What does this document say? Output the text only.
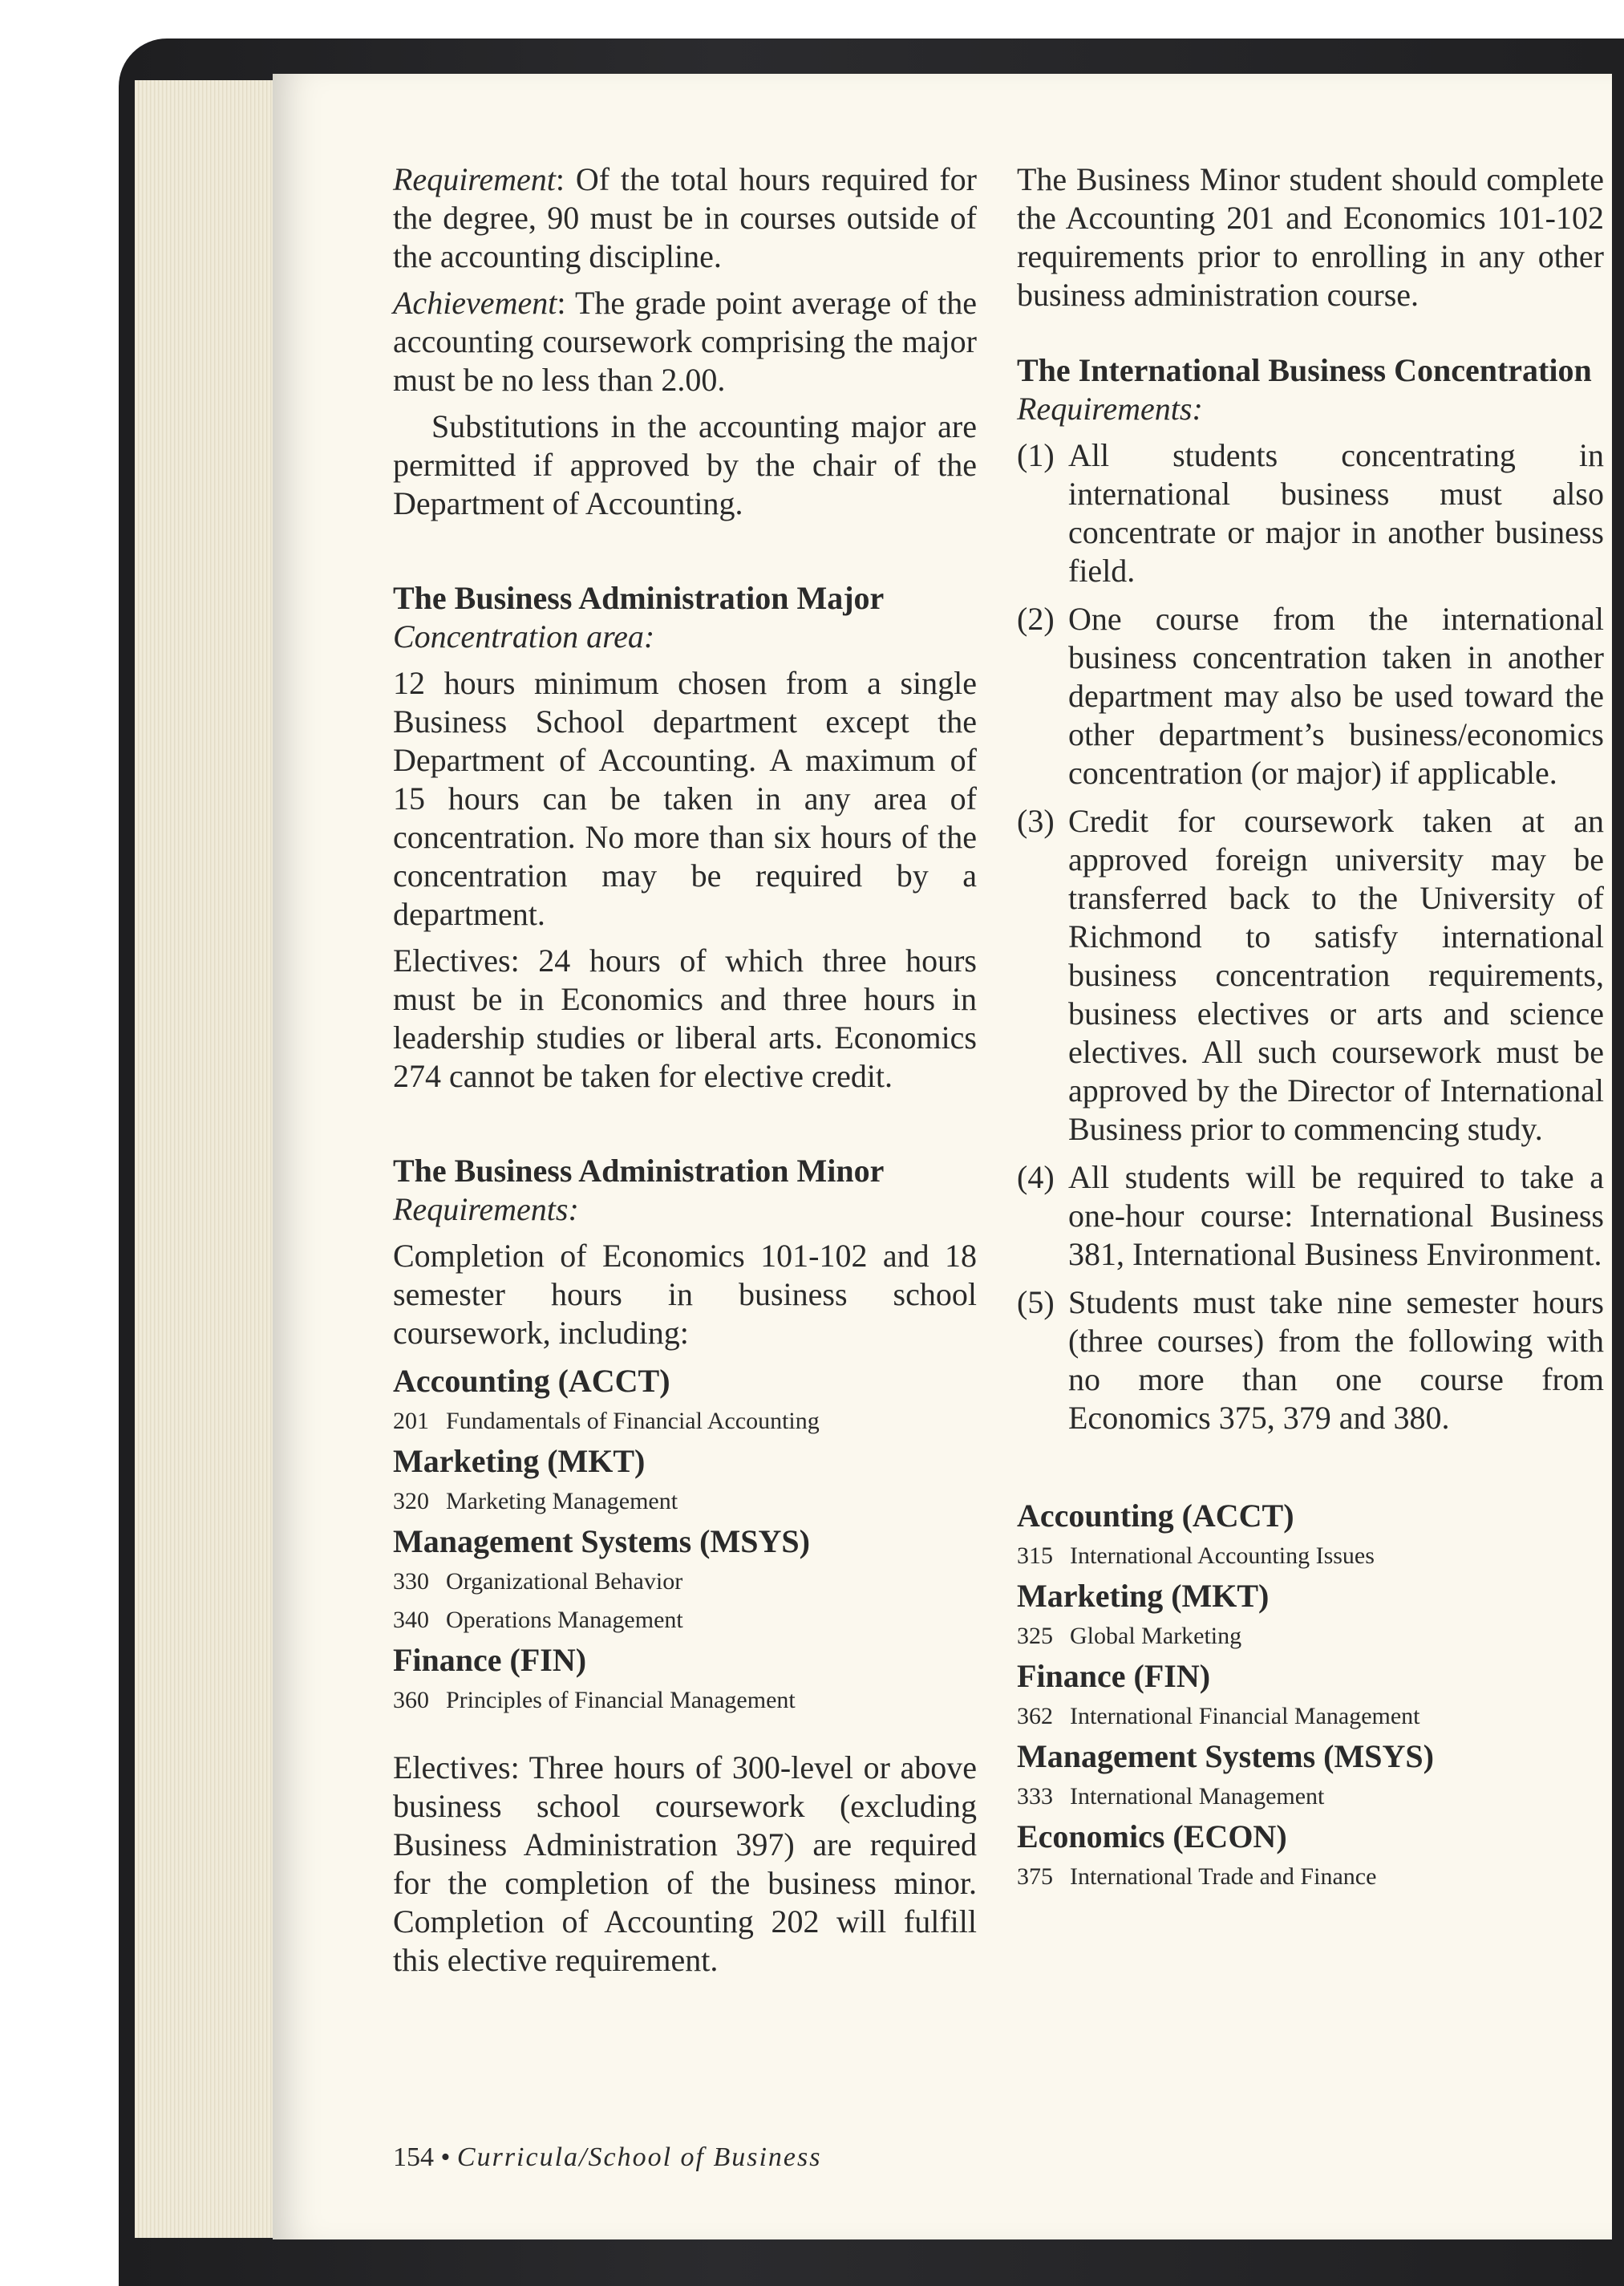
Requirement: Of the total hours required for the degree, 90 must be in courses outside of the accounting discipline.

Achievement: The grade point average of the accounting coursework comprising the major must be no less than 2.00.

Substitutions in the accounting major are permitted if approved by the chair of the Department of Accounting.

The Business Administration Major
Concentration area:

12 hours minimum chosen from a single Business School department except the Department of Accounting. A maximum of 15 hours can be taken in any area of concentration. No more than six hours of the concentration may be required by a department.

Electives: 24 hours of which three hours must be in Economics and three hours in leadership studies or liberal arts. Economics 274 cannot be taken for elective credit.

The Business Administration Minor
Requirements:

Completion of Economics 101-102 and 18 semester hours in business school coursework, including:

Accounting (ACCT)
201 Fundamentals of Financial Accounting
Marketing (MKT)
320 Marketing Management
Management Systems (MSYS)
330 Organizational Behavior
340 Operations Management
Finance (FIN)
360 Principles of Financial Management

Electives: Three hours of 300-level or above business school coursework (excluding Business Administration 397) are required for the completion of the business minor. Completion of Accounting 202 will fulfill this elective requirement.

The Business Minor student should complete the Accounting 201 and Economics 101-102 requirements prior to enrolling in any other business administration course.

The International Business Concentration
Requirements:
(1) All students concentrating in international business must also concentrate or major in another business field.
(2) One course from the international business concentration taken in another department may also be used toward the other department’s business/economics concentration (or major) if applicable.
(3) Credit for coursework taken at an approved foreign university may be transferred back to the University of Richmond to satisfy international business concentration requirements, business electives or arts and science electives. All such coursework must be approved by the Director of International Business prior to commencing study.
(4) All students will be required to take a one-hour course: International Business 381, International Business Environment.
(5) Students must take nine semester hours (three courses) from the following with no more than one course from Economics 375, 379 and 380.
Accounting (ACCT)
315 International Accounting Issues
Marketing (MKT)
325 Global Marketing
Finance (FIN)
362 International Financial Management
Management Systems (MSYS)
333 International Management
Economics (ECON)
375 International Trade and Finance
154 • Curricula/School of Business
